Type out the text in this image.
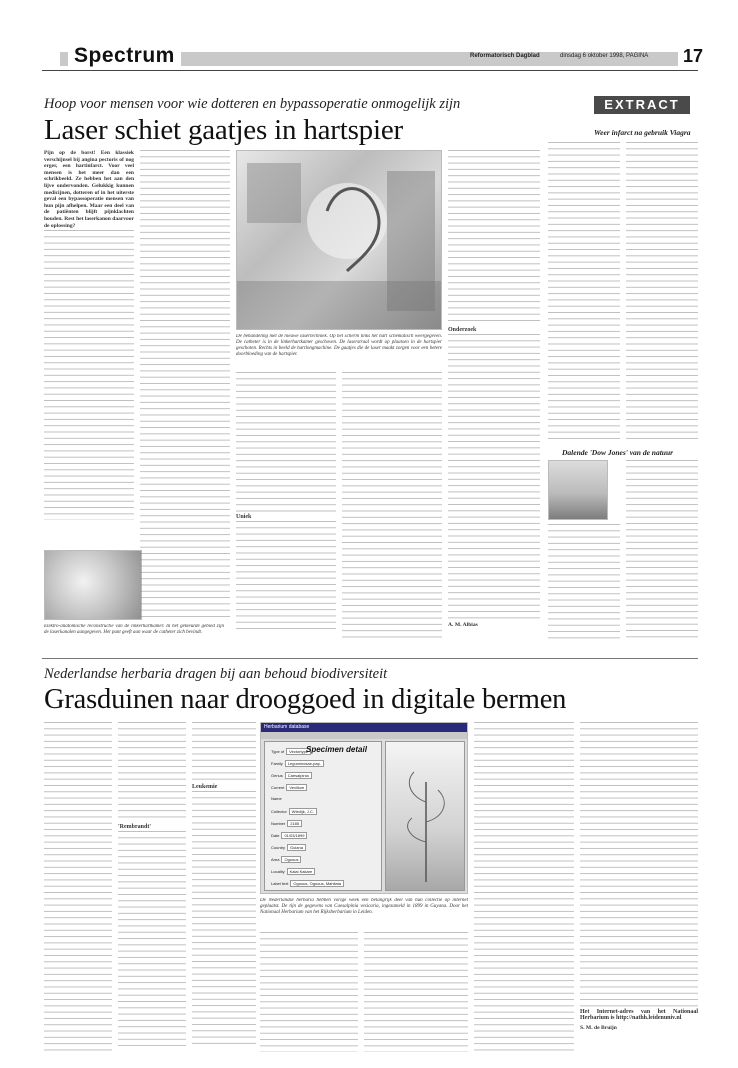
Spectrum	Reformatorisch Dagblad	dinsdag 6 oktober 1998, PAGINA 17
Hoop voor mensen voor wie dotteren en bypassoperatie onmogelijk zijn
Laser schiet gaatjes in hartspier
EXTRACT

Pijn op de borst! Een klassiek verschijnsel bij angina pectoris of nog erger, een hartinfarct. Voor veel mensen is het meer dan een schrikbeeld. Ze hebben het aan den lijve ondervonden. Gelukkig kunnen medicijnen, dotteren of in het uiterste geval een bypassoperatie mensen van hun pijn afhelpen. Maar een deel van de patiënten blijft pijnklachten houden. Rest het laserkanon daarvoor de oplossing?

Elektro-anatomische reconstructie van de linkerhartkamer. In het gekleurde gebied zijn de laserkanalen aangegeven. Het punt geeft aan waar de catheter zich bevindt.
De behandeling met de nieuwe lasertechniek. Op het scherm links het hart schematisch weergegeven. De catheter is in de linkerhartkamer geschoven. De laserstraal wordt op plaatsen in de hartspier geschoten. Rechts in beeld de hartlongmachine. De gaatjes die de laser maakt zorgen voor een betere doorbloeding van de hartspier.

Uniek

Onderzoek

A. M. Albias

Weer infarct na gebruik Viagra
Dalende 'Dow Jones' van de natuur
Nederlandse herbaria dragen bij aan behoud biodiversiteit
Grasduinen naar drooggoed in digitale bermen

'Rembrandt'

Leukemie

Herbarium database
Type of Vectortype
Family Leguminosae-pap.
Genus Caesalpinia
Current Vexillum
Name
Collector Wiedijk, J.C.
Number 2185
Date 01/03/1899
Country Guiana
Area Ogoous
Locality Kalai Kakare
Label text Ogoous, Ogoous, Mahliata
Specimen detail
De Nederlandse herbaria hebben vorige week een belangrijk deel van hun collectie op internet geplaatst. De tijn de gegevens van Caesalpinia vesicaria, ingezameld in 1899 in Guyana. Door het Nationaal Herbarium van het Rijksherbarium in Leiden.

Het Internet-adres van het Nationaal Herbarium is http://nathh.leidenuniv.nl

S. M. de Bruijn
